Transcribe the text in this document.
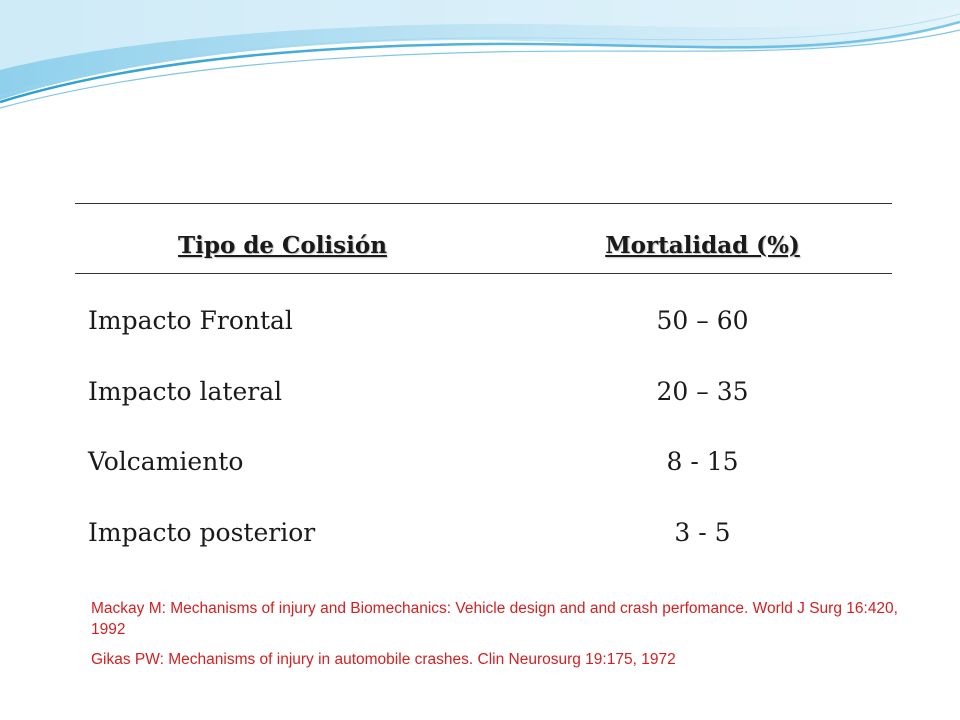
MORTALIDAD POR TIPO DE COLISIÓN
Tipo de Colisión	Mortalidad (%)
Impacto Frontal	50 – 60
Impacto lateral	20 – 35
Volcamiento	8 - 15
Impacto posterior	3 - 5

Mackay M: Mechanisms of injury and Biomechanics: Vehicle design and and crash perfomance. World J Surg 16:420, 1992

Gikas PW: Mechanisms of injury in automobile crashes. Clin Neurosurg 19:175, 1972
